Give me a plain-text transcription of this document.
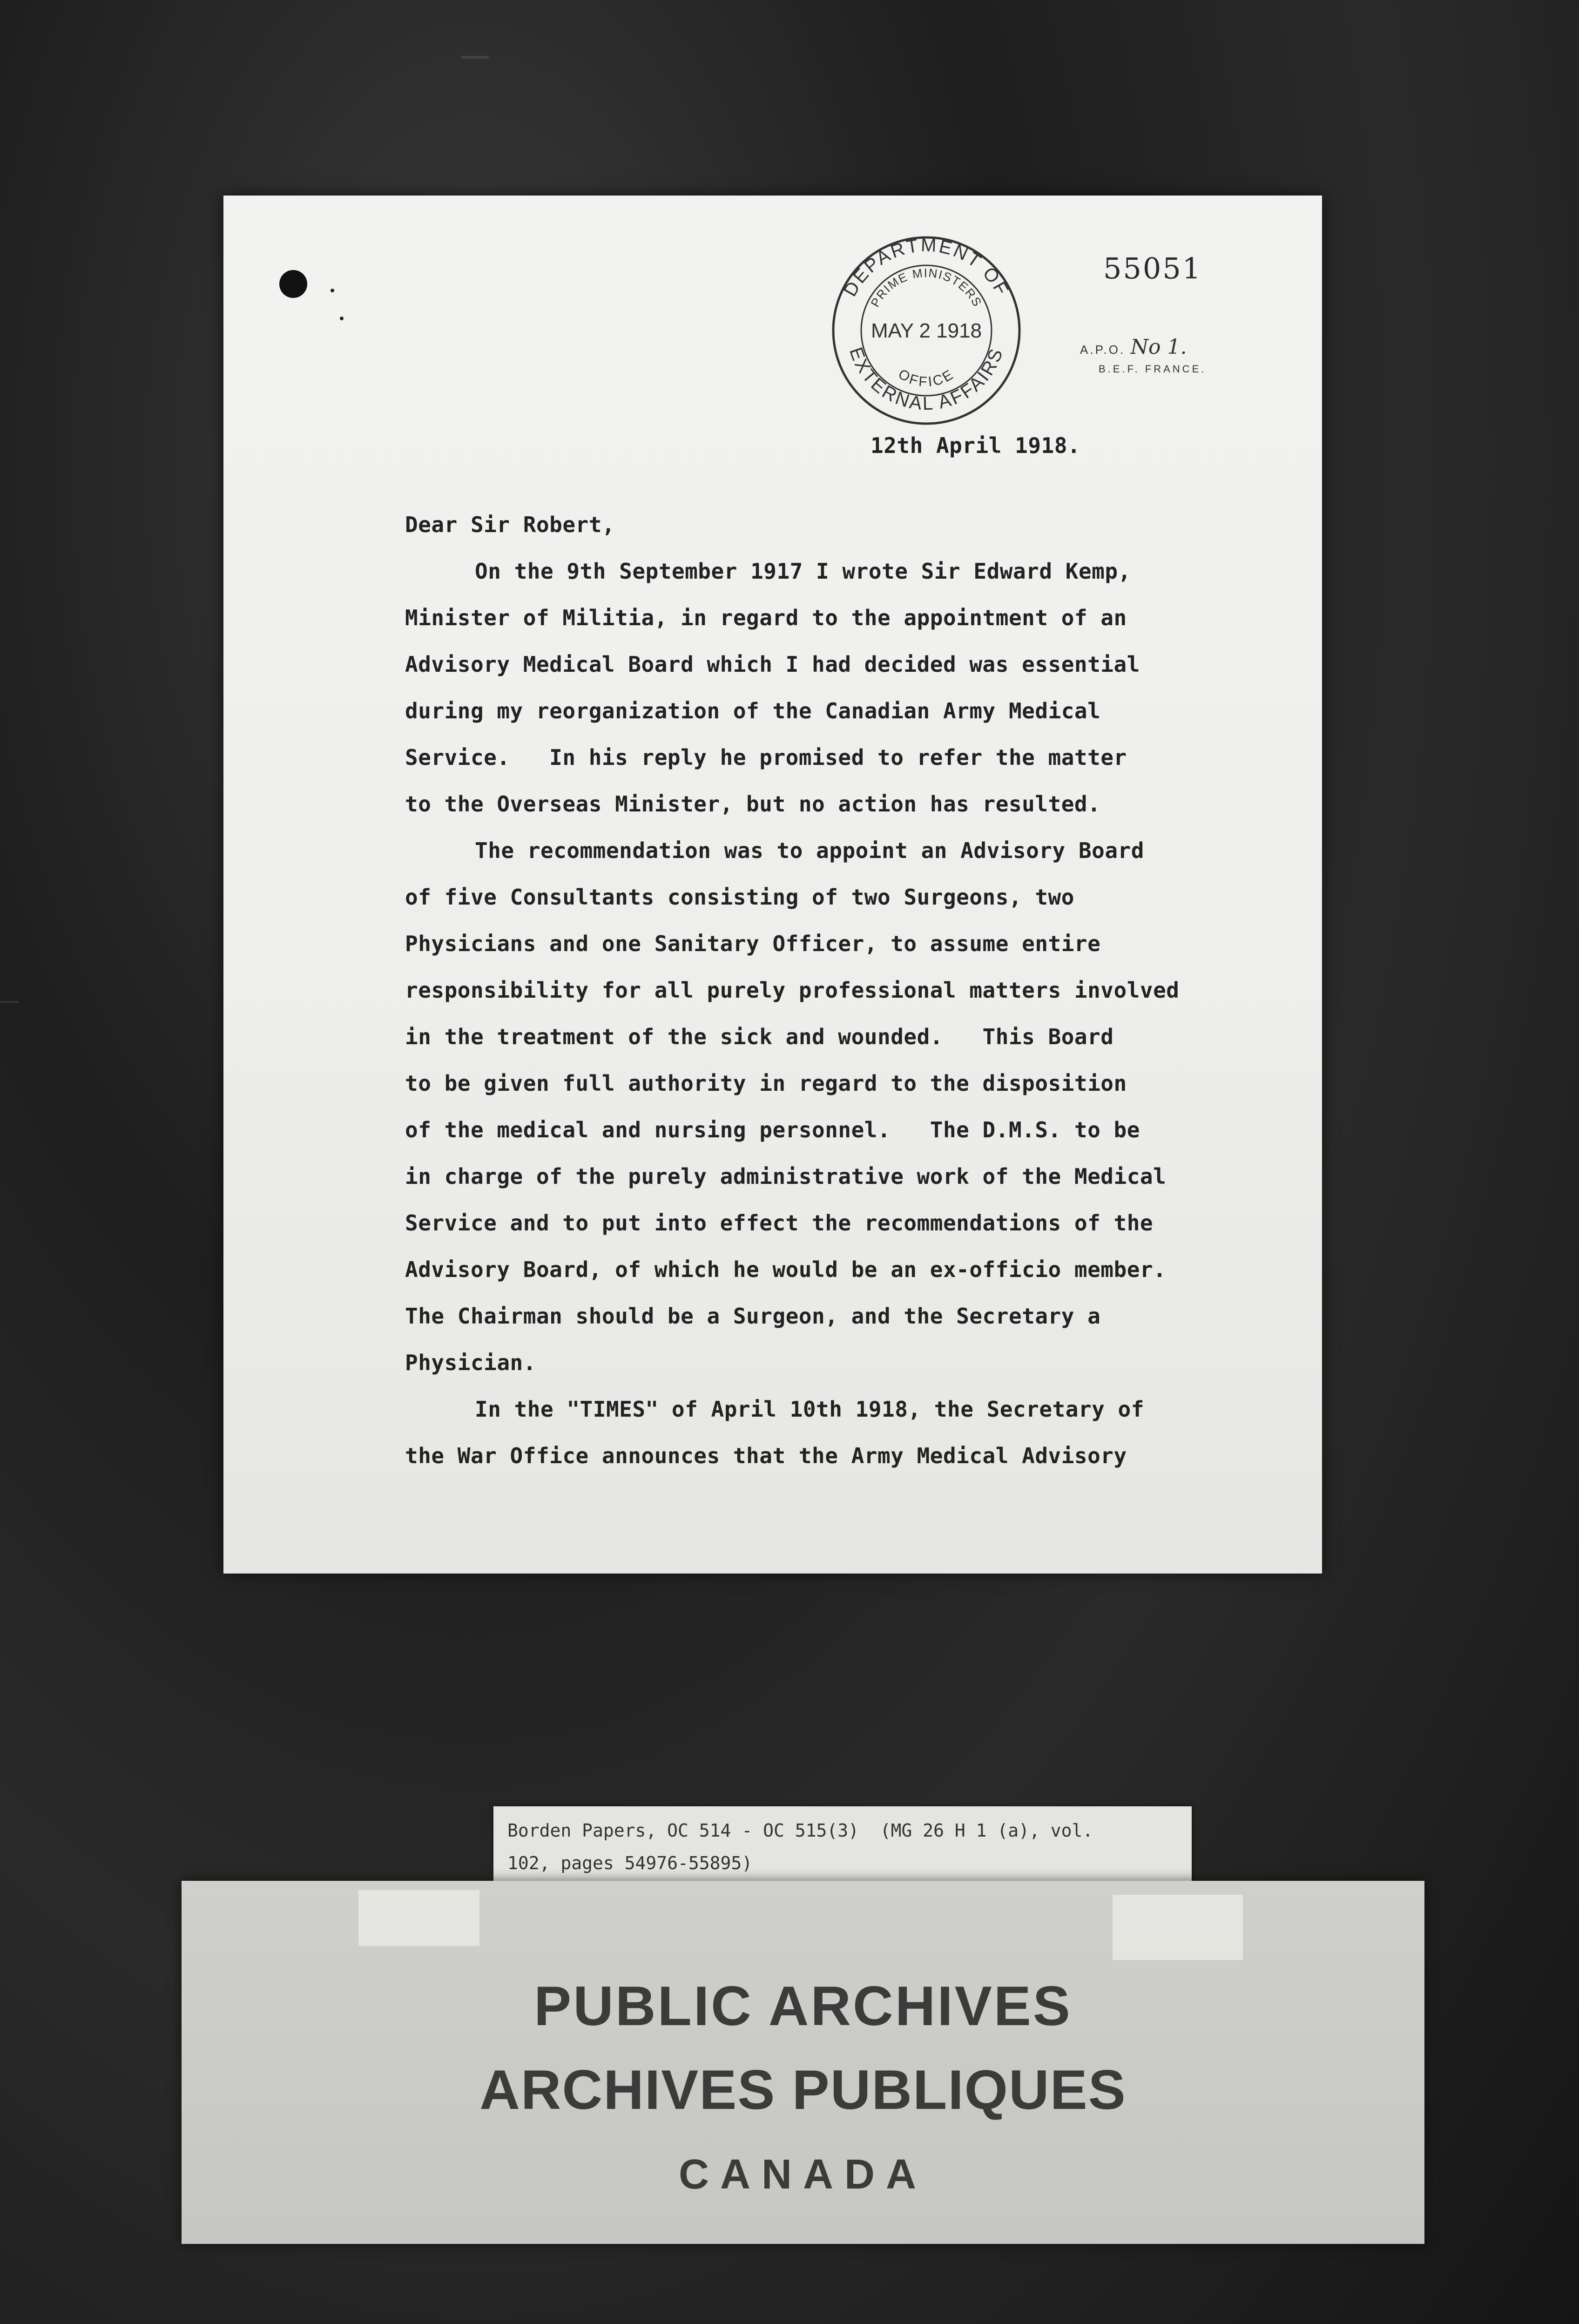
DEPARTMENT OF
PRIME MINISTERS
MAY 2 1918
OFFICE
EXTERNAL AFFAIRS
55051
A.P.O. No 1.
B.E.F. FRANCE.
12th April 1918.
Dear Sir Robert,
On the 9th September 1917 I wrote Sir Edward Kemp,
Minister of Militia, in regard to the appointment of an
Advisory Medical Board which I had decided was essential
during my reorganization of the Canadian Army Medical
Service.   In his reply he promised to refer the matter
to the Overseas Minister, but no action has resulted.
The recommendation was to appoint an Advisory Board
of five Consultants consisting of two Surgeons, two
Physicians and one Sanitary Officer, to assume entire
responsibility for all purely professional matters involved
in the treatment of the sick and wounded.   This Board
to be given full authority in regard to the disposition
of the medical and nursing personnel.   The D.M.S. to be
in charge of the purely administrative work of the Medical
Service and to put into effect the recommendations of the
Advisory Board, of which he would be an ex-officio member.
The Chairman should be a Surgeon, and the Secretary a
Physician.
In the "TIMES" of April 10th 1918, the Secretary of
the War Office announces that the Army Medical Advisory
Borden Papers, OC 514 - OC 515(3)  (MG 26 H 1 (a), vol.
102, pages 54976-55895)
PUBLIC ARCHIVES
ARCHIVES PUBLIQUES
CANADA
